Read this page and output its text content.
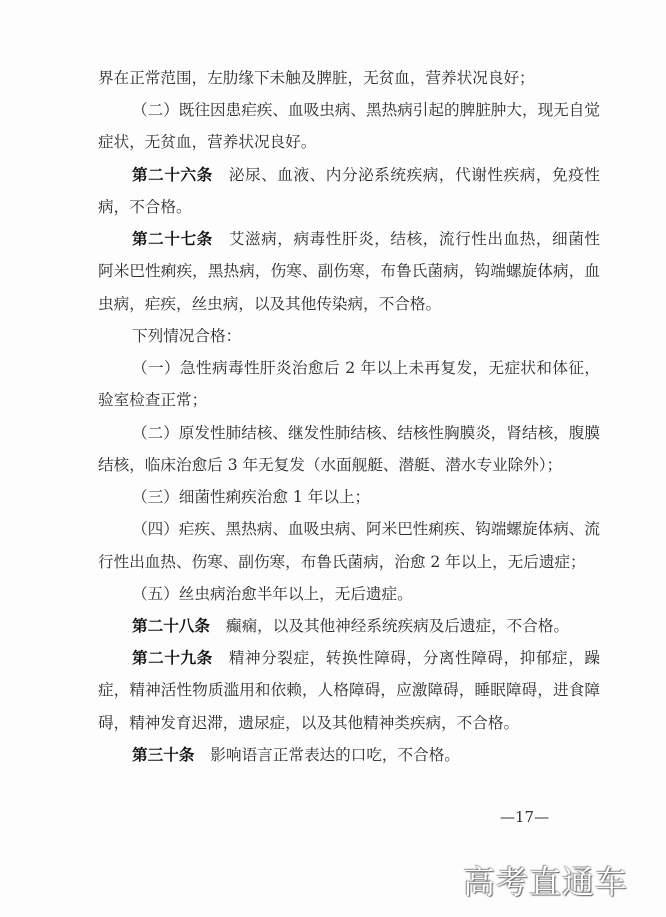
界在正常范围，左肋缘下未触及脾脏，无贫血，营养状况良好；
（二）既往因患疟疾、血吸虫病、黑热病引起的脾脏肿大，现无自觉
症状，无贫血，营养状况良好。
第二十六条 泌尿、血液、内分泌系统疾病，代谢性疾病，免疫性
病，不合格。
第二十七条 艾滋病，病毒性肝炎，结核，流行性出血热，细菌性
阿米巴性痢疾，黑热病，伤寒、副伤寒，布鲁氏菌病，钩端螺旋体病，血
虫病，疟疾，丝虫病，以及其他传染病，不合格。
下列情况合格：
（一）急性病毒性肝炎治愈后 2 年以上未再复发，无症状和体征，
验室检查正常；
（二）原发性肺结核、继发性肺结核、结核性胸膜炎，肾结核，腹膜
结核，临床治愈后 3 年无复发（水面舰艇、潜艇、潜水专业除外）；
（三）细菌性痢疾治愈 1 年以上；
（四）疟疾、黑热病、血吸虫病、阿米巴性痢疾、钩端螺旋体病、流
行性出血热、伤寒、副伤寒，布鲁氏菌病，治愈 2 年以上，无后遗症；
（五）丝虫病治愈半年以上，无后遗症。
第二十八条 癫痫，以及其他神经系统疾病及后遗症，不合格。
第二十九条 精神分裂症，转换性障碍，分离性障碍，抑郁症，躁
症，精神活性物质滥用和依赖，人格障碍，应激障碍，睡眠障碍，进食障
碍，精神发育迟滞，遗尿症，以及其他精神类疾病，不合格。
第三十条 影响语言正常表达的口吃，不合格。
—17—
高考直通车
